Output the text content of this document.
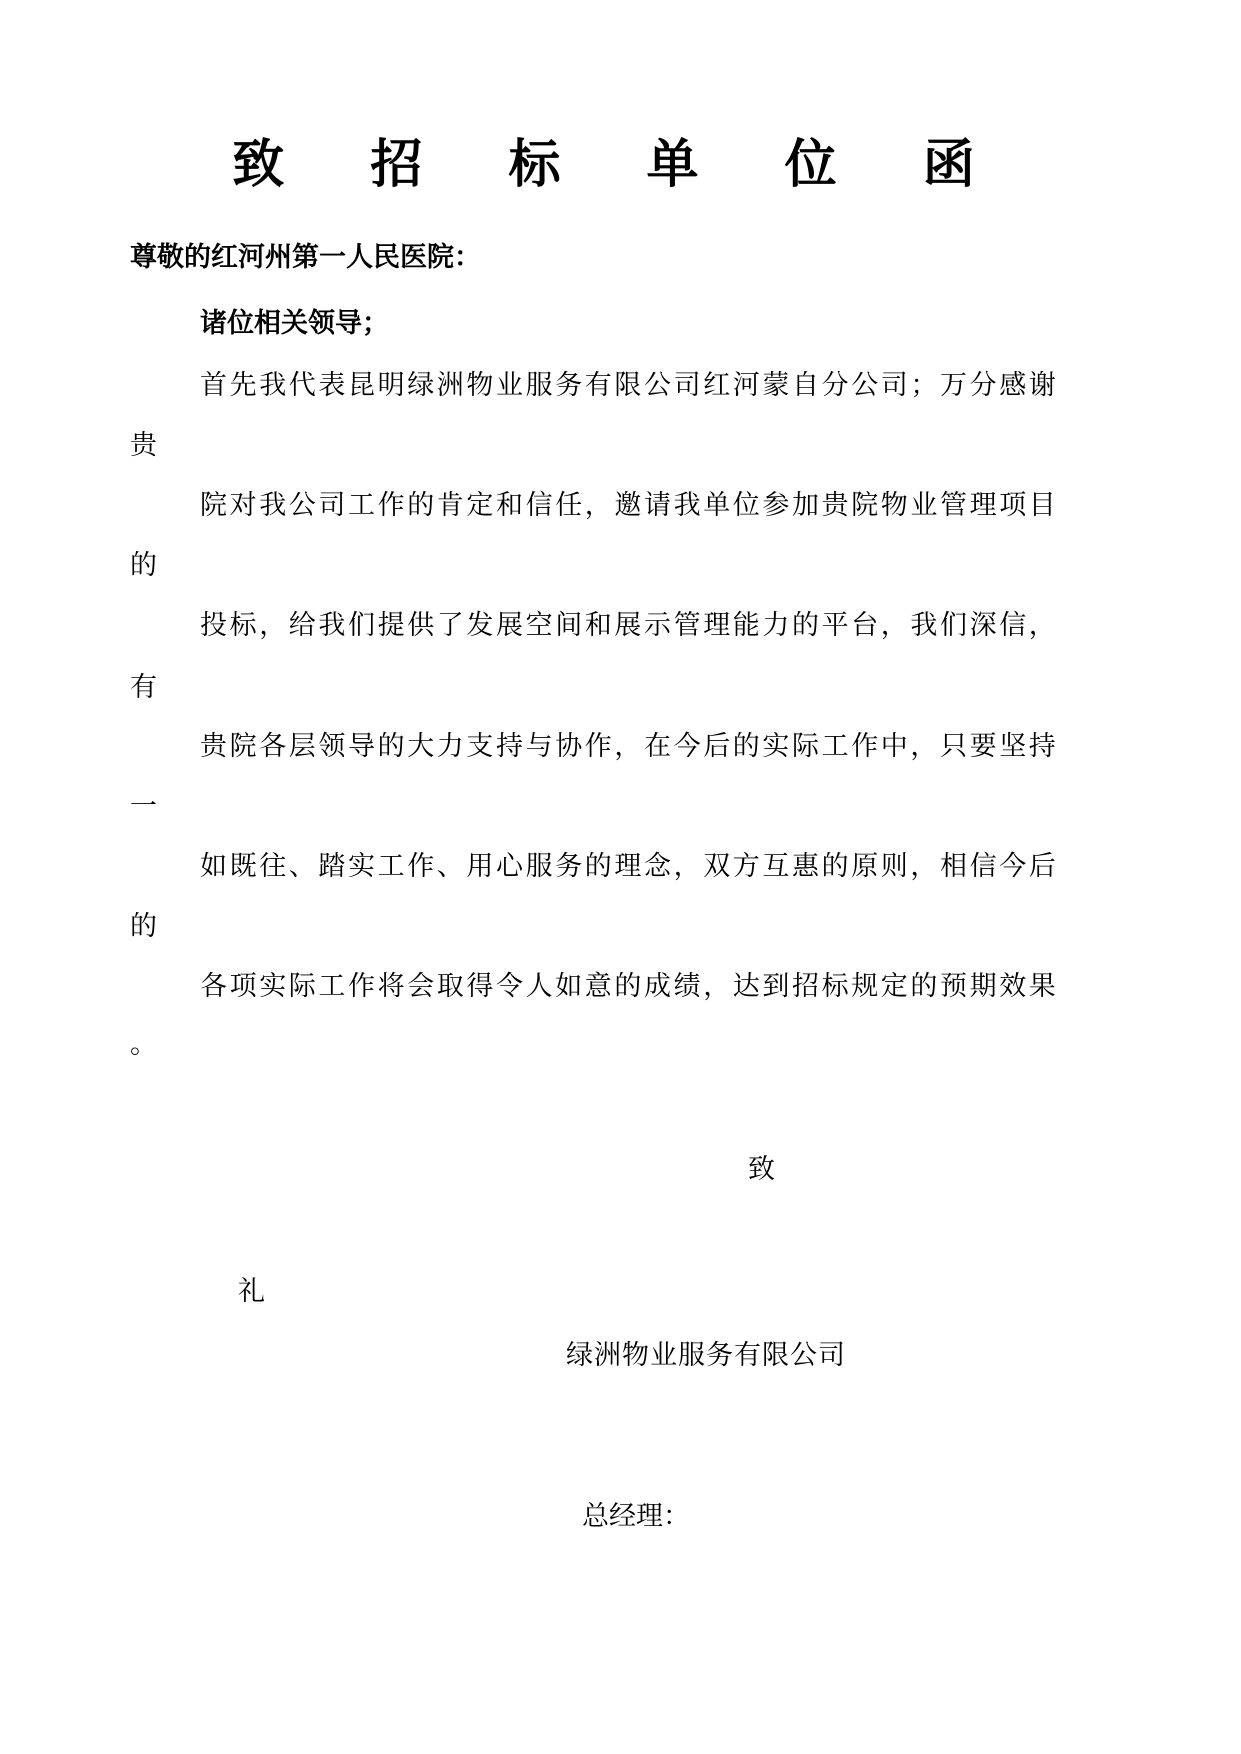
致 招 标 单 位 函
尊敬的红河州第一人民医院：
诸位相关领导；
首先我代表昆明绿洲物业服务有限公司红河蒙自分公司；万分感谢
贵
院对我公司工作的肯定和信任，邀请我单位参加贵院物业管理项目
的
投标，给我们提供了发展空间和展示管理能力的平台，我们深信，
有
贵院各层领导的大力支持与协作，在今后的实际工作中，只要坚持
一
如既往、踏实工作、用心服务的理念，双方互惠的原则，相信今后
的
各项实际工作将会取得令人如意的成绩，达到招标规定的预期效果
。
致
礼
绿洲物业服务有限公司
总经理：
